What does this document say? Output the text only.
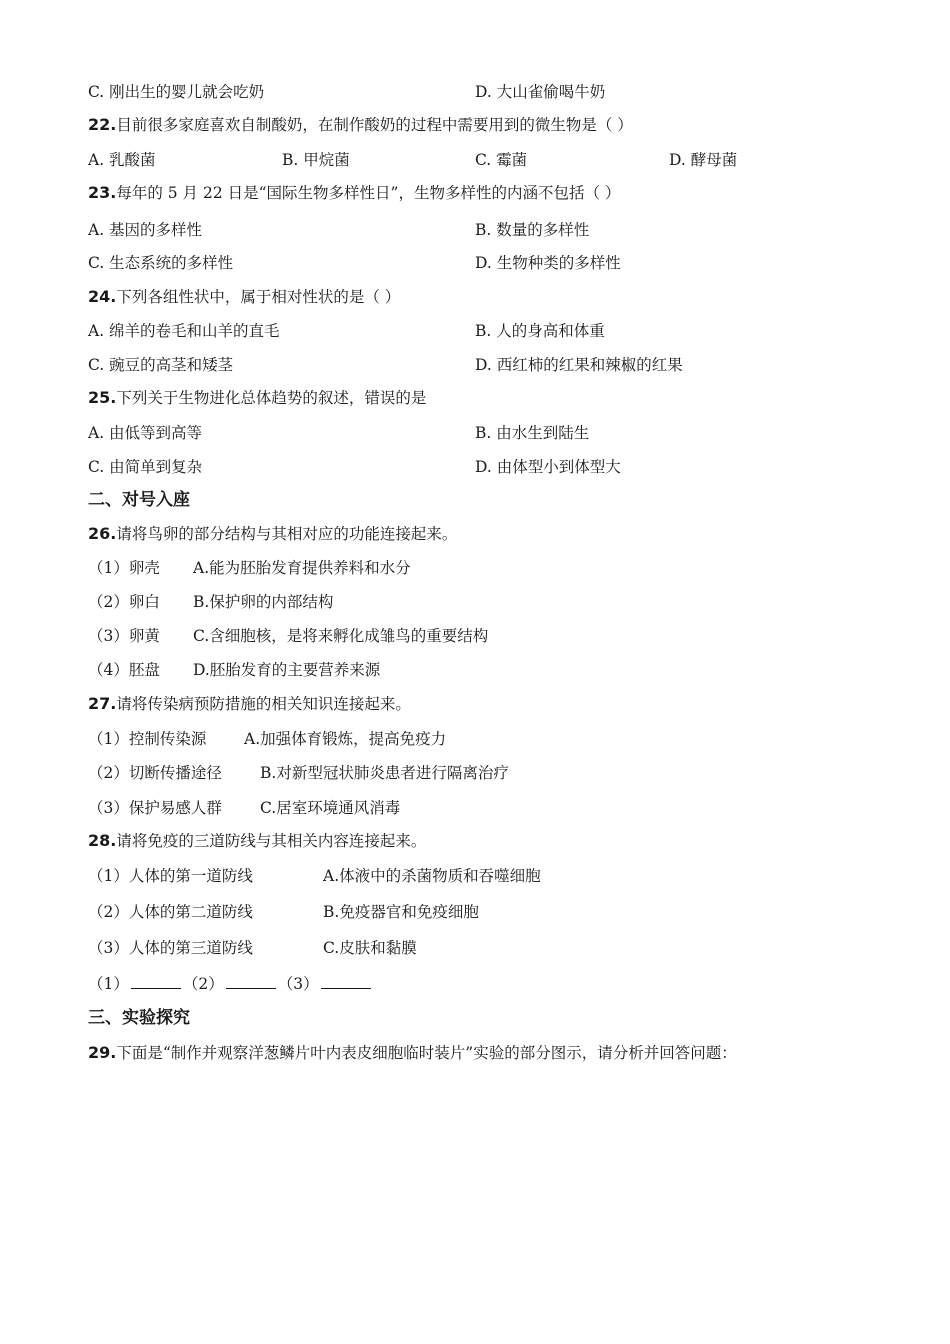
C. 刚出生的婴儿就会吃奶	D. 大山雀偷喝牛奶
22.目前很多家庭喜欢自制酸奶，在制作酸奶的过程中需要用到的微生物是（ ）
A. 乳酸菌	B. 甲烷菌	C. 霉菌	D. 酵母菌
23.每年的 5 月 22 日是“国际生物多样性日”，生物多样性的内涵不包括（ ）
A. 基因的多样性	B. 数量的多样性
C. 生态系统的多样性	D. 生物种类的多样性
24.下列各组性状中，属于相对性状的是（ ）
A. 绵羊的卷毛和山羊的直毛	B. 人的身高和体重
C. 豌豆的高茎和矮茎	D. 西红柿的红果和辣椒的红果
25.下列关于生物进化总体趋势的叙述，错误的是
A. 由低等到高等	B. 由水生到陆生
C. 由简单到复杂	D. 由体型小到体型大
二、对号入座
26.请将鸟卵的部分结构与其相对应的功能连接起来。
（1）卵壳 A.能为胚胎发育提供养料和水分
（2）卵白 B.保护卵的内部结构
（3）卵黄 C.含细胞核，是将来孵化成雏鸟的重要结构
（4）胚盘 D.胚胎发育的主要营养来源
27.请将传染病预防措施的相关知识连接起来。
（1）控制传染源 A.加强体育锻炼，提高免疫力
（2）切断传播途径 B.对新型冠状肺炎患者进行隔离治疗
（3）保护易感人群 C.居室环境通风消毒
28.请将免疫的三道防线与其相关内容连接起来。
（1）人体的第一道防线	A.体液中的杀菌物质和吞噬细胞
（2）人体的第二道防线	B.免疫器官和免疫细胞
（3）人体的第三道防线	C.皮肤和黏膜
（1）	（2）	（3）
三、实验探究
29.下面是“制作并观察洋葱鳞片叶内表皮细胞临时装片”实验的部分图示，请分析并回答问题：
